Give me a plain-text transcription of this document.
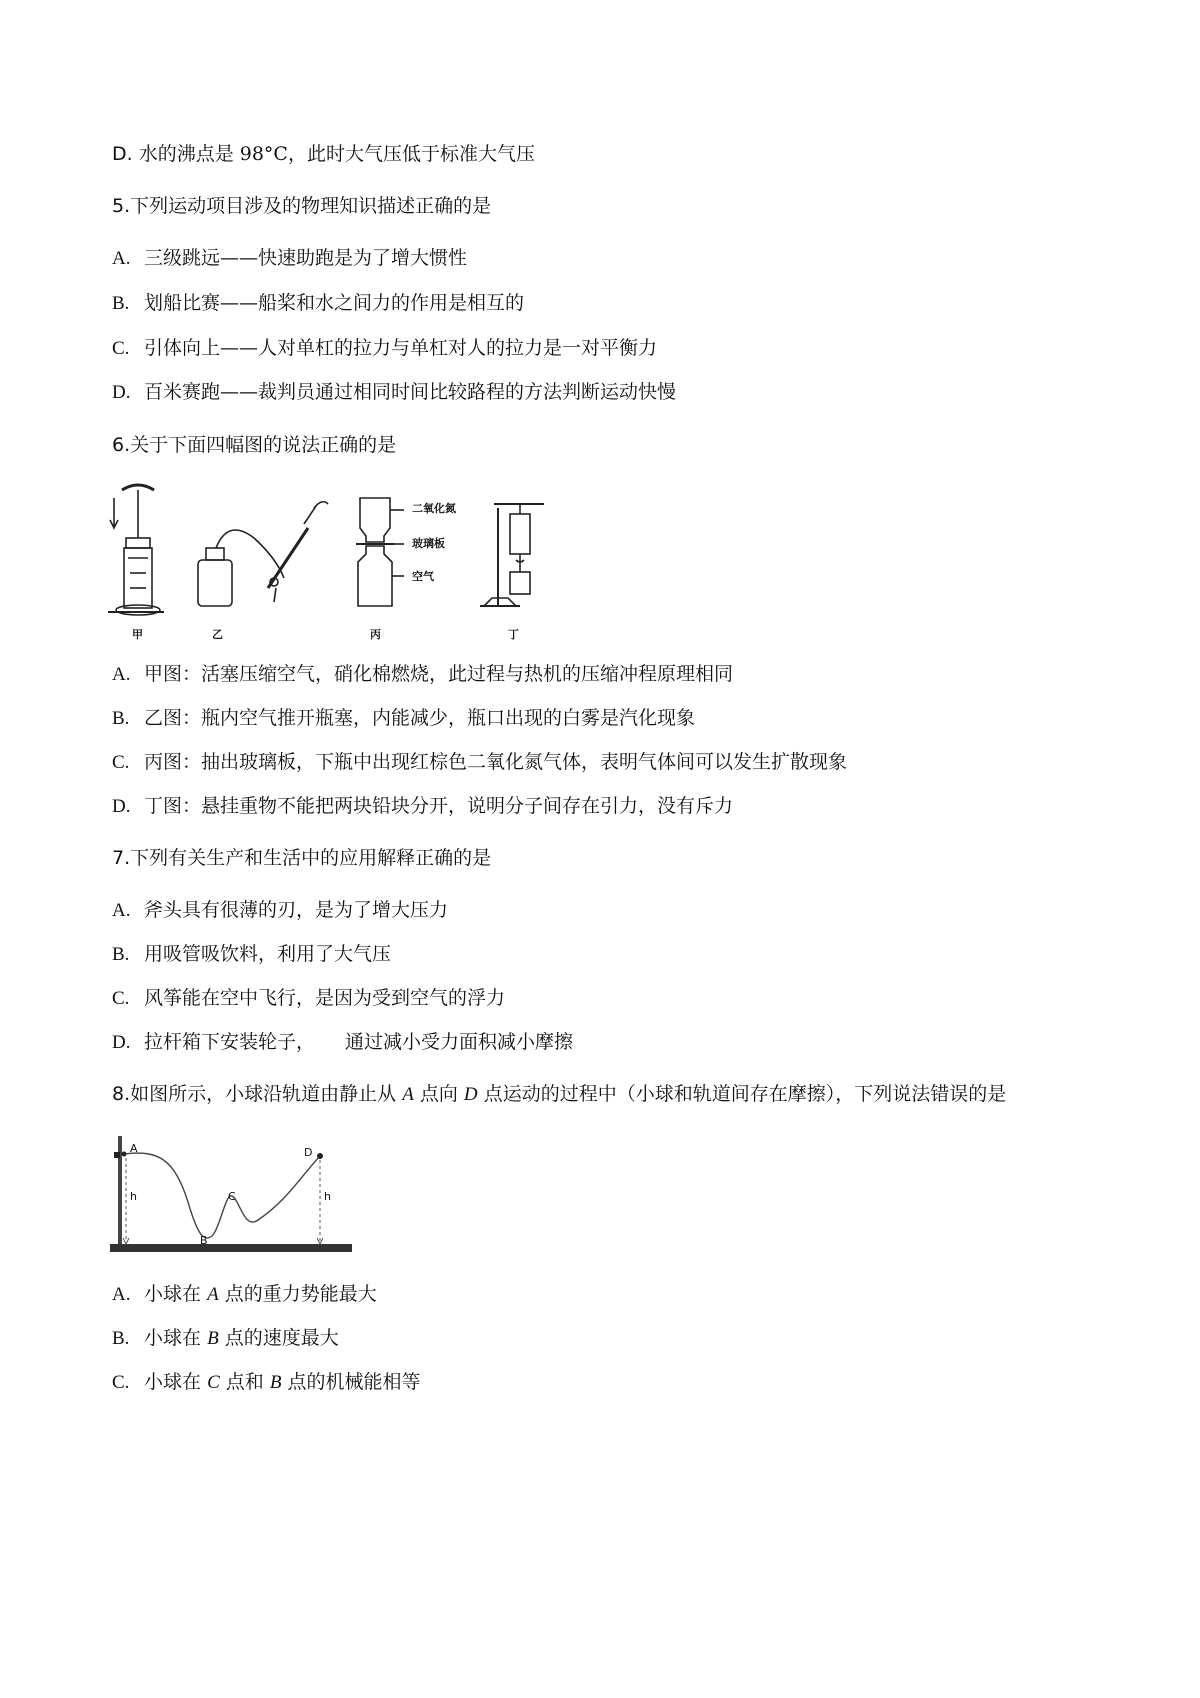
D. 水的沸点是 98°C，此时大气压低于标准大气压
5.下列运动项目涉及的物理知识描述正确的是
A. 三级跳远——快速助跑是为了增大惯性
B. 划船比赛——船桨和水之间力的作用是相互的
C. 引体向上——人对单杠的拉力与单杠对人的拉力是一对平衡力
D. 百米赛跑——裁判员通过相同时间比较路程的方法判断运动快慢
6.关于下面四幅图的说法正确的是
二氧化氮
玻璃板
空气
甲	乙	丙	丁
A. 甲图：活塞压缩空气，硝化棉燃烧，此过程与热机的压缩冲程原理相同
B. 乙图：瓶内空气推开瓶塞，内能减少，瓶口出现的白雾是汽化现象
C. 丙图：抽出玻璃板，下瓶中出现红棕色二氧化氮气体，表明气体间可以发生扩散现象
D. 丁图：悬挂重物不能把两块铅块分开，说明分子间存在引力，没有斥力
7.下列有关生产和生活中的应用解释正确的是
A. 斧头具有很薄的刃，是为了增大压力
B. 用吸管吸饮料，利用了大气压
C. 风筝能在空中飞行，是因为受到空气的浮力
D. 拉杆箱下安装轮子， 通过减小受力面积减小摩擦
8.如图所示，小球沿轨道由静止从 A 点向 D 点运动的过程中（小球和轨道间存在摩擦），下列说法错误的是
A
B
C
D
h	h
A. 小球在 A 点的重力势能最大
B. 小球在 B 点的速度最大
C. 小球在 C 点和 B 点的机械能相等
